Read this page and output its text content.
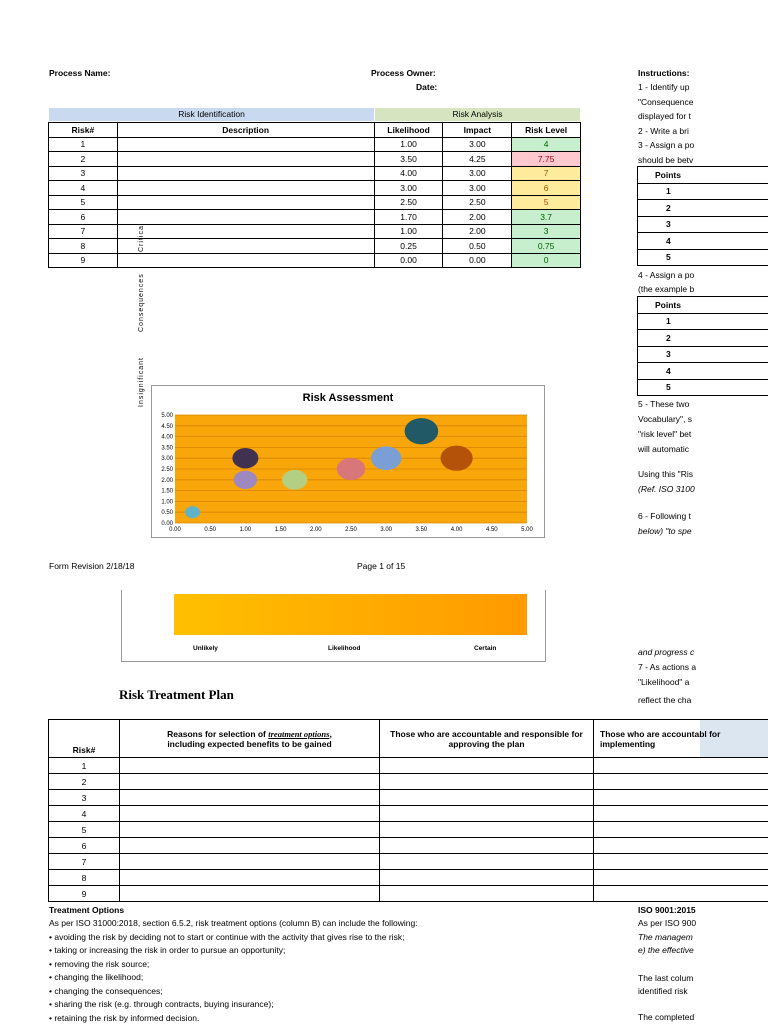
Process Name:	Process Owner:
Date:
Instructions:
1 - Identify up
"Consequence
displayed for t
2 - Write a bri
3 - Assign a po
should be betv
Points
1
2
3
4
5
4 - Assign a po
(the example b
Points
1
2
3
4
5
5 - These two
Vocabulary", s
"risk level" bet
will automatic
Using this "Ris
(Ref. ISO 3100
6 - Following t
below) "to spe
and progress c
7 - As actions a
"Likelihood" a
reflect the cha
Risk Identification	Risk Analysis
Risk#	Description	Likelihood	Impact	Risk Level
1		1.00	3.00	4
2		3.50	4.25	7.75
3		4.00	3.00	7
4		3.00	3.00	6
5		2.50	2.50	5
6		1.70	2.00	3.7
7		1.00	2.00	3
8		0.25	0.50	0.75
9		0.00	0.00	0
Critical
Consequences
Insignificant	Risk Assessment
0.00
0.50
1.00
1.50
2.00
2.50
3.00
3.50
4.00
4.50
5.00
0.00	0.50	1.00	1.50	2.00	2.50	3.00	3.50	4.00	4.50	5.00
Form Revision 2/18/18	Page 1 of 15
Unlikely	Likelihood	Certain
Risk Treatment Plan
Risk#	Reasons for selection of treatment options,
including expected benefits to be gained	Those who are accountable and responsible for approving the plan	Those who are accountabl for implementing
1			
2			
3			
4			
5			
6			
7			
8			
9			
Treatment Options
As per ISO 31000:2018, section 6.5.2, risk treatment options (column B) can include the following:
• avoiding the risk by deciding not to start or continue with the activity that gives rise to the risk;
• taking or increasing the risk in order to pursue an opportunity;
• removing the risk source;
• changing the likelihood;
• changing the consequences;
• sharing the risk (e.g. through contracts, buying insurance);
• retaining the risk by informed decision.
ISO 9001:2015
As per ISO 900
The managem
e) the effective
The last colum
identified risk
The completed
